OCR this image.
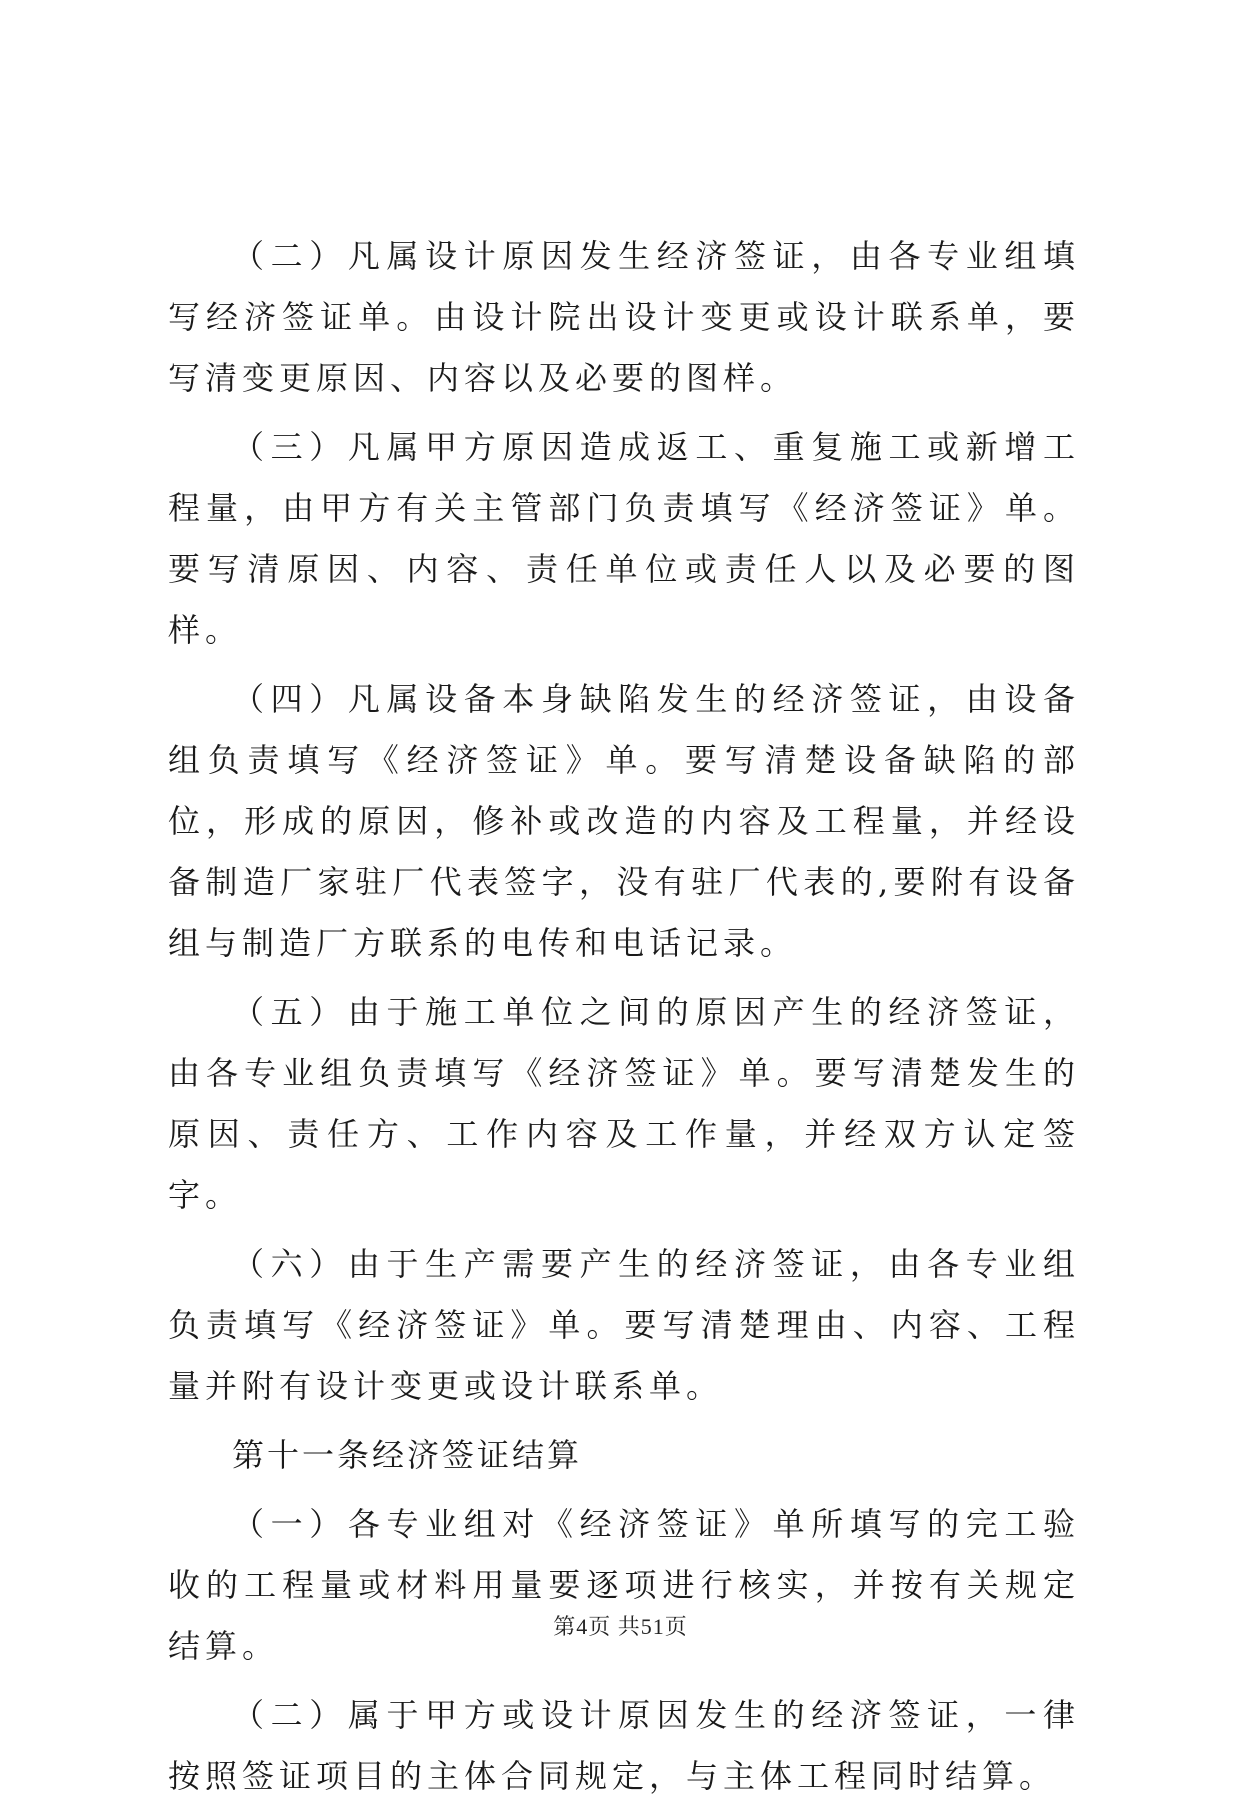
（二）凡属设计原因发生经济签证，由各专业组填写经济签证单。由设计院出设计变更或设计联系单，要写清变更原因、内容以及必要的图样。

（三）凡属甲方原因造成返工、重复施工或新增工程量，由甲方有关主管部门负责填写《经济签证》单。要写清原因、内容、责任单位或责任人以及必要的图样。

（四）凡属设备本身缺陷发生的经济签证，由设备组负责填写《经济签证》单。要写清楚设备缺陷的部位，形成的原因，修补或改造的内容及工程量，并经设备制造厂家驻厂代表签字，没有驻厂代表的,要附有设备组与制造厂方联系的电传和电话记录。

（五）由于施工单位之间的原因产生的经济签证，由各专业组负责填写《经济签证》单。要写清楚发生的原因、责任方、工作内容及工作量，并经双方认定签字。

（六）由于生产需要产生的经济签证，由各专业组负责填写《经济签证》单。要写清楚理由、内容、工程量并附有设计变更或设计联系单。

第十一条经济签证结算

（一）各专业组对《经济签证》单所填写的完工验收的工程量或材料用量要逐项进行核实，并按有关规定结算。

（二）属于甲方或设计原因发生的经济签证，一律按照签证项目的主体合同规定，与主体工程同时结算。

第4页 共51页
